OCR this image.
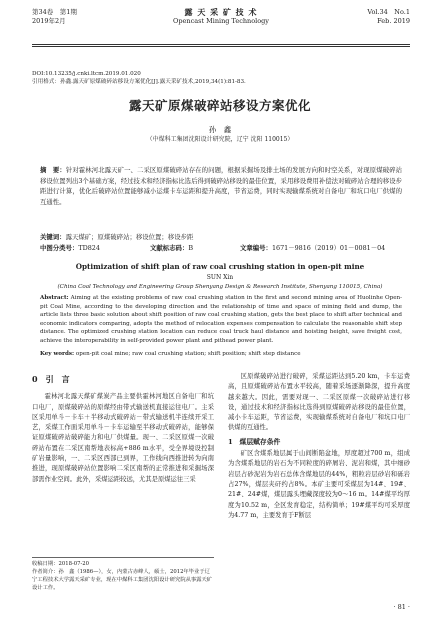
第34卷　第1期
2019年2月
露 天 采 矿 技 术
Opencast Mining Technology
Vol.34　No.1
Feb. 2019
DOI:10.13235/j.cnki.ltcm.2019.01.020
引用格式：孙鑫.露天矿原煤破碎站移设方案优化[J].露天采矿技术,2019,34(1):81-83.
露天矿原煤破碎站移设方案优化
孙　鑫
（中煤科工集团沈阳设计研究院，辽宁 沈阳 110015）
摘　要：针对霍林河北露天矿一、二采区原煤破碎站存在的问题，根据采掘场及排土场的发展方向和时空关系，对现原煤破碎站移设位置列出3个基础方案，经过技术和经济指标比选后得到破碎站移设的最佳位置，采用移设费用补偿法对破碎站合理的移设步距进行计算，优化后破碎站位置能够减小运煤卡车运距和提升高度，节省运费，同时实现输煤系统对自备电厂和坑口电厂供煤的互通性。
关键词：露天煤矿；原煤破碎站；移设位置；移设步距
中图分类号：TD824	文献标志码：B	文章编号：1671－9816（2019）01－0081－04
Optimization of shift plan of raw coal crushing station in open-pit mine
SUN Xin
(China Coal Technology and Engineering Group Shenyang Design & Research Institute, Shenyang 110015, China)
Abstract: Aiming at the existing problems of raw coal crushing station in the first and second mining area of Huolinhe Open-pit Coal Mine, according to the developing direction and the relationship of time and space of mining field and dump, the article lists three basic solution about shift position of raw coal crushing station, gets the best place to shift after technical and economic indicators comparing, adopts the method of relocation expenses compensation to calculate the reasonable shift step distance. The optimized crushing station location can reduce coal truck haul distance and hoisting height, save freight cost, achieve the interoperability in self-provided power plant and pithead power plant.
Key words: open-pit coal mine; raw coal crushing station; shift position; shift step distance
0　引　言

霍林河北露天煤矿煤炭产品主要供霍林河地区自备电厂和坑口电厂，原煤破碎站的原煤经由带式输送机直接运往电厂。主采区采用单斗－卡车＋半移动式破碎站－带式输送机半连续开采工艺，采煤工作面采用单斗－卡车运输至半移动式破碎站，能够保证原煤破碎站破碎能力和电厂供煤量。现一、二采区原煤一次破碎站布置在二采区南帮地表标高+886 m水平，受全界境设控制矿岩量影响，一、二采区西部已到界，工作线向西推进转为向南推进，现原煤破碎站位置影响二采区南帮的正常推进和采掘场深部需作业空间。此外，采煤运距较远，尤其是原煤运往三采

区原煤破碎站进行破碎，采煤运距达到5.20 km，卡车运费高，且原煤破碎站布置水平较高，随着采场逐渐降深，提升高度越来越大。因此，需要对现一、二采区原煤一次破碎站进行移设，通过技术和经济指标比选得到原煤破碎站移设的最佳位置，减小卡车运距，节省运费，实现输煤系统对自备电厂和坑口电厂供煤的互通性。

1　煤层赋存条件

矿区含煤系地层属于山间断陷盆地，厚度超过700 m，组成为含煤系地层的岩石为不同粒度的碎屑岩、泥岩和煤，其中细砂岩层占砂泥岩为岩石总体含煤地层的44%，粗粒岩层砂岩和砾岩占27%，煤层夹矸约占8%。本矿主要可采煤层为14#、19#、21#、24#煤，煤层露头埋藏深度较为0～16 m。14#煤平均厚度为10.52 m，全区发育稳定，结构简单；19#煤平均可采厚度为4.77 m，主要发育于F断层

收稿日期：2018-07-20
作者简介：孙　鑫（1986—），女，内蒙古赤峰人，硕士，2012年毕业于辽宁工程技术大学露天采矿专业，现在中煤科工集团沈阳设计研究院从事露天矿设计工作。
· 81 ·
